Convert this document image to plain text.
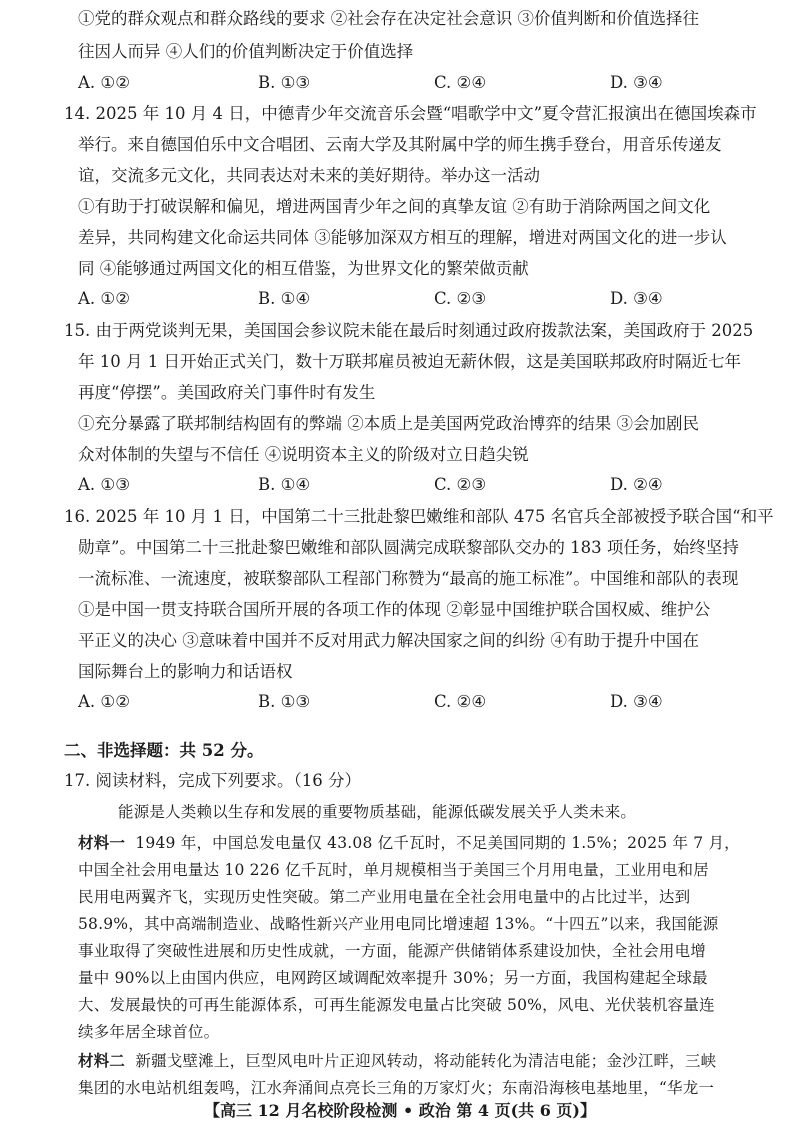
①党的群众观点和群众路线的要求 ②社会存在决定社会意识 ③价值判断和价值选择往
往因人而异 ④人们的价值判断决定于价值选择
A. ①②	B. ①③	C. ②④	D. ③④
14. 2025 年 10 月 4 日，中德青少年交流音乐会暨“唱歌学中文”夏令营汇报演出在德国埃森市
举行。来自德国伯乐中文合唱团、云南大学及其附属中学的师生携手登台，用音乐传递友
谊，交流多元文化，共同表达对未来的美好期待。举办这一活动
①有助于打破误解和偏见，增进两国青少年之间的真挚友谊 ②有助于消除两国之间文化
差异，共同构建文化命运共同体 ③能够加深双方相互的理解，增进对两国文化的进一步认
同 ④能够通过两国文化的相互借鉴，为世界文化的繁荣做贡献
A. ①②	B. ①④	C. ②③	D. ③④
15. 由于两党谈判无果，美国国会参议院未能在最后时刻通过政府拨款法案，美国政府于 2025
年 10 月 1 日开始正式关门，数十万联邦雇员被迫无薪休假，这是美国联邦政府时隔近七年
再度“停摆”。美国政府关门事件时有发生
①充分暴露了联邦制结构固有的弊端 ②本质上是美国两党政治博弈的结果 ③会加剧民
众对体制的失望与不信任 ④说明资本主义的阶级对立日趋尖锐
A. ①③	B. ①④	C. ②③	D. ②④
16. 2025 年 10 月 1 日，中国第二十三批赴黎巴嫩维和部队 475 名官兵全部被授予联合国“和平
勋章”。中国第二十三批赴黎巴嫩维和部队圆满完成联黎部队交办的 183 项任务，始终坚持
一流标准、一流速度，被联黎部队工程部门称赞为“最高的施工标准”。中国维和部队的表现
①是中国一贯支持联合国所开展的各项工作的体现 ②彰显中国维护联合国权威、维护公
平正义的决心 ③意味着中国并不反对用武力解决国家之间的纠纷 ④有助于提升中国在
国际舞台上的影响力和话语权
A. ①②	B. ①③	C. ②④	D. ③④
二、非选择题：共 52 分。
17. 阅读材料，完成下列要求。（16 分）
能源是人类赖以生存和发展的重要物质基础，能源低碳发展关乎人类未来。
材料一 1949 年，中国总发电量仅 43.08 亿千瓦时，不足美国同期的 1.5%；2025 年 7 月，
中国全社会用电量达 10 226 亿千瓦时，单月规模相当于美国三个月用电量，工业用电和居
民用电两翼齐飞，实现历史性突破。第二产业用电量在全社会用电量中的占比过半，达到
58.9%，其中高端制造业、战略性新兴产业用电同比增速超 13%。“十四五”以来，我国能源
事业取得了突破性进展和历史性成就，一方面，能源产供储销体系建设加快，全社会用电增
量中 90%以上由国内供应，电网跨区域调配效率提升 30%；另一方面，我国构建起全球最
大、发展最快的可再生能源体系，可再生能源发电量占比突破 50%，风电、光伏装机容量连
续多年居全球首位。
材料二 新疆戈壁滩上，巨型风电叶片正迎风转动，将动能转化为清洁电能；金沙江畔，三峡
集团的水电站机组轰鸣，江水奔涌间点亮长三角的万家灯火；东南沿海核电基地里，“华龙一
【高三 12 月名校阶段检测 • 政治 第 4 页(共 6 页)】
